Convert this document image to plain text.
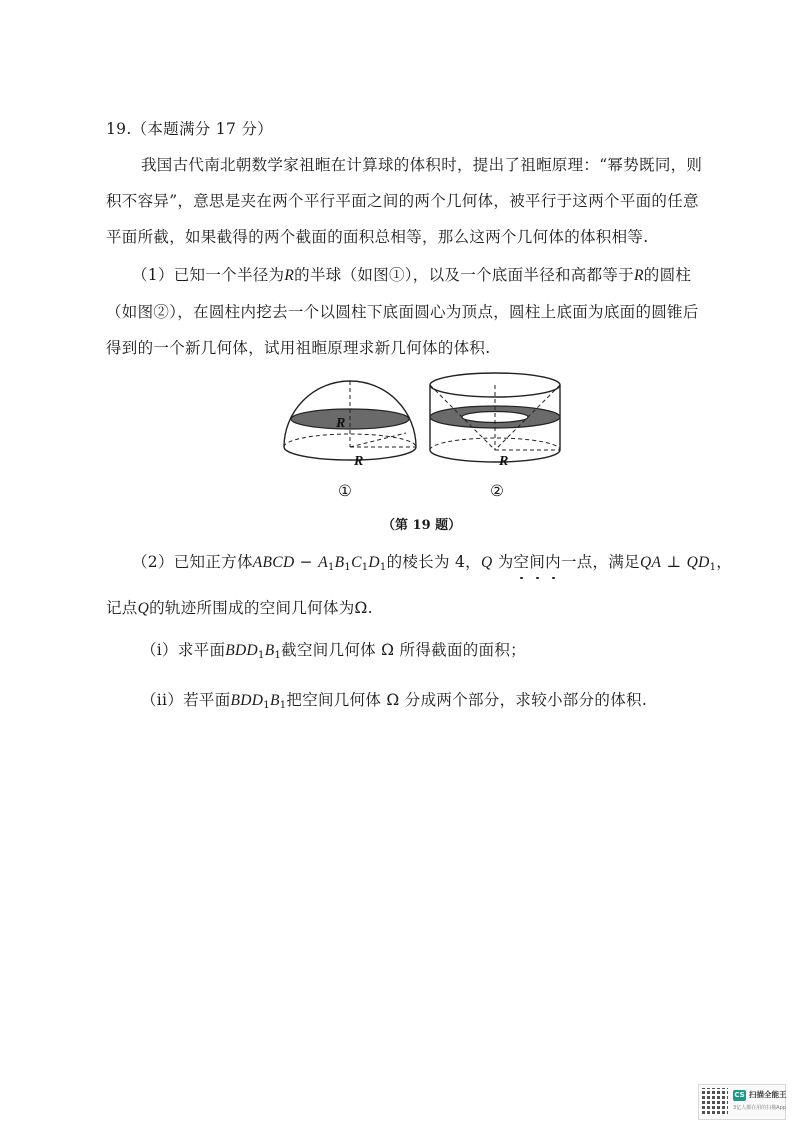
19.（本题满分 17 分）
我国古代南北朝数学家祖暅在计算球的体积时，提出了祖暅原理：“幂势既同，则
积不容异”，意思是夹在两个平行平面之间的两个几何体，被平行于这两个平面的任意
平面所截，如果截得的两个截面的面积总相等，那么这两个几何体的体积相等.
（1）已知一个半径为R的半球（如图①），以及一个底面半径和高都等于R的圆柱
（如图②），在圆柱内挖去一个以圆柱下底面圆心为顶点，圆柱上底面为底面的圆锥后
得到的一个新几何体，试用祖暅原理求新几何体的体积.
R
R	R
①	②
（第 19 题）
（2）已知正方体ABCD − $A_1B_1C_1D_1$的棱长为 4，Q 为空间内一点，满足QA ⊥ $QD_1$，
记点Q的轨迹所围成的空间几何体为Ω.
（i）求平面$BDD_1B_1$截空间几何体 Ω 所得截面的面积；
（ii）若平面$BDD_1B_1$把空间几何体 Ω 分成两个部分，求较小部分的体积.
CS 扫描全能王
3亿人都在用的扫描App
